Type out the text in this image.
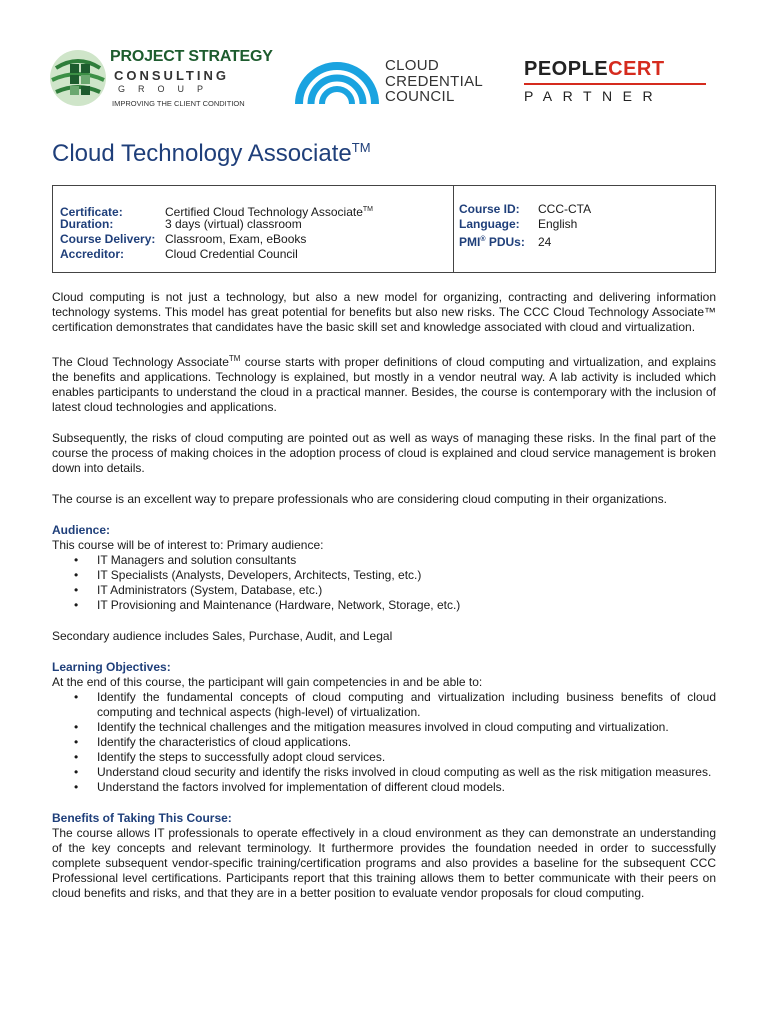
PROJECT STRATEGY
CONSULTING
GROUP
IMPROVING THE CLIENT CONDITION
CLOUD
CREDENTIAL
COUNCIL
PEOPLECERT
PARTNER
Cloud Technology Associate™
Certificate:	Certified Cloud Technology Associate™
Duration:	3 days (virtual) classroom
Course Delivery: Classroom, Exam, eBooks
Accreditor:	Cloud Credential Council
Course ID: CCC-CTA
Language: English
PMI® PDUs: 24

Cloud computing is not just a technology, but also a new model for organizing, contracting and delivering information technology systems. This model has great potential for benefits but also new risks. The CCC Cloud Technology Associate™ certification demonstrates that candidates have the basic skill set and knowledge associated with cloud and virtualization.

The Cloud Technology Associate™ course starts with proper definitions of cloud computing and virtualization, and explains the benefits and applications. Technology is explained, but mostly in a vendor neutral way. A lab activity is included which enables participants to understand the cloud in a practical manner. Besides, the course is contemporary with the inclusion of latest cloud technologies and applications.

Subsequently, the risks of cloud computing are pointed out as well as ways of managing these risks. In the final part of the course the process of making choices in the adoption process of cloud is explained and cloud service management is broken down into details.

The course is an excellent way to prepare professionals who are considering cloud computing in their organizations.

Audience:

This course will be of interest to: Primary audience:

• IT Managers and solution consultants
• IT Specialists (Analysts, Developers, Architects, Testing, etc.)
• IT Administrators (System, Database, etc.)
• IT Provisioning and Maintenance (Hardware, Network, Storage, etc.)

Secondary audience includes Sales, Purchase, Audit, and Legal

Learning Objectives:

At the end of this course, the participant will gain competencies in and be able to:

• Identify the fundamental concepts of cloud computing and virtualization including business benefits of cloud computing and technical aspects (high-level) of virtualization.
• Identify the technical challenges and the mitigation measures involved in cloud computing and virtualization.
• Identify the characteristics of cloud applications.
• Identify the steps to successfully adopt cloud services.
• Understand cloud security and identify the risks involved in cloud computing as well as the risk mitigation measures.
• Understand the factors involved for implementation of different cloud models.
Benefits of Taking This Course:

The course allows IT professionals to operate effectively in a cloud environment as they can demonstrate an understanding of the key concepts and relevant terminology. It furthermore provides the foundation needed in order to successfully complete subsequent vendor-specific training/certification programs and also provides a baseline for the subsequent CCC Professional level certifications. Participants report that this training allows them to better communicate with their peers on cloud benefits and risks, and that they are in a better position to evaluate vendor proposals for cloud computing.
